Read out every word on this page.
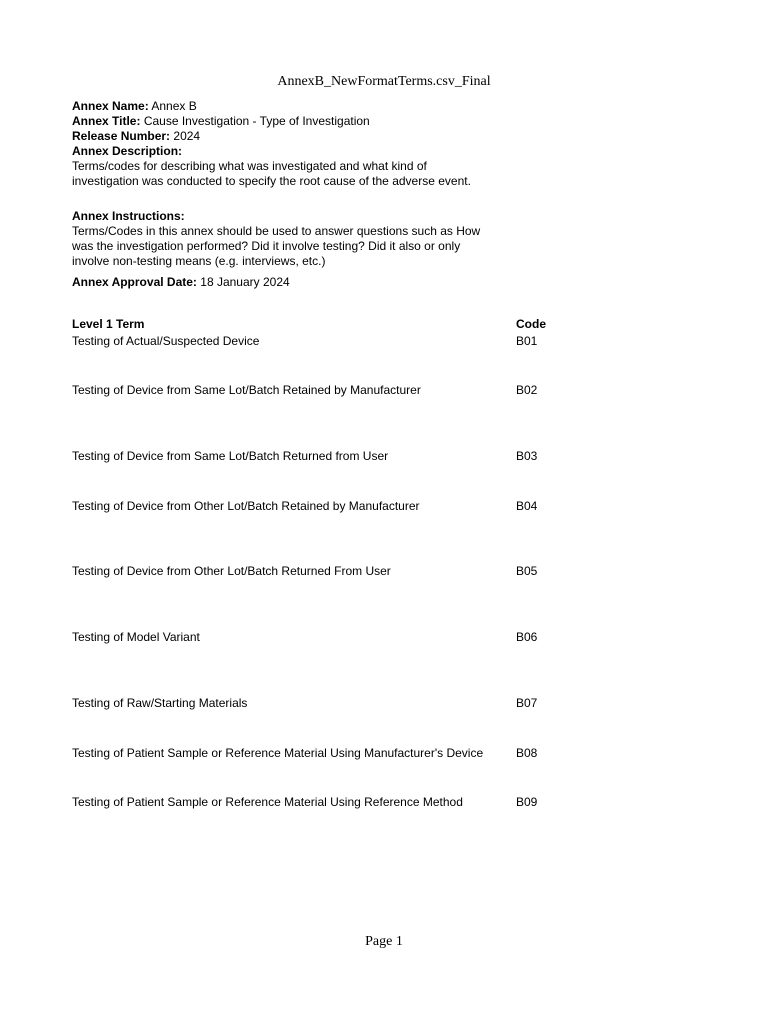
AnnexB_NewFormatTerms.csv_Final
Annex Name: Annex B
Annex Title: Cause Investigation - Type of Investigation
Release Number: 2024
Annex Description:
Terms/codes for describing what was investigated and what kind of
investigation was conducted to specify the root cause of the adverse event.
Annex Instructions:
Terms/Codes in this annex should be used to answer questions such as How
was the investigation performed? Did it involve testing? Did it also or only
involve non-testing means (e.g. interviews, etc.)
Annex Approval Date: 18 January 2024
Level 1 Term	Code
Testing of Actual/Suspected Device	B01
Testing of Device from Same Lot/Batch Retained by Manufacturer	B02
Testing of Device from Same Lot/Batch Returned from User	B03
Testing of Device from Other Lot/Batch Retained by Manufacturer	B04
Testing of Device from Other Lot/Batch Returned From User	B05
Testing of Model Variant	B06
Testing of Raw/Starting Materials	B07
Testing of Patient Sample or Reference Material Using Manufacturer's Device	B08
Testing of Patient Sample or Reference Material Using Reference Method	B09
Page 1
